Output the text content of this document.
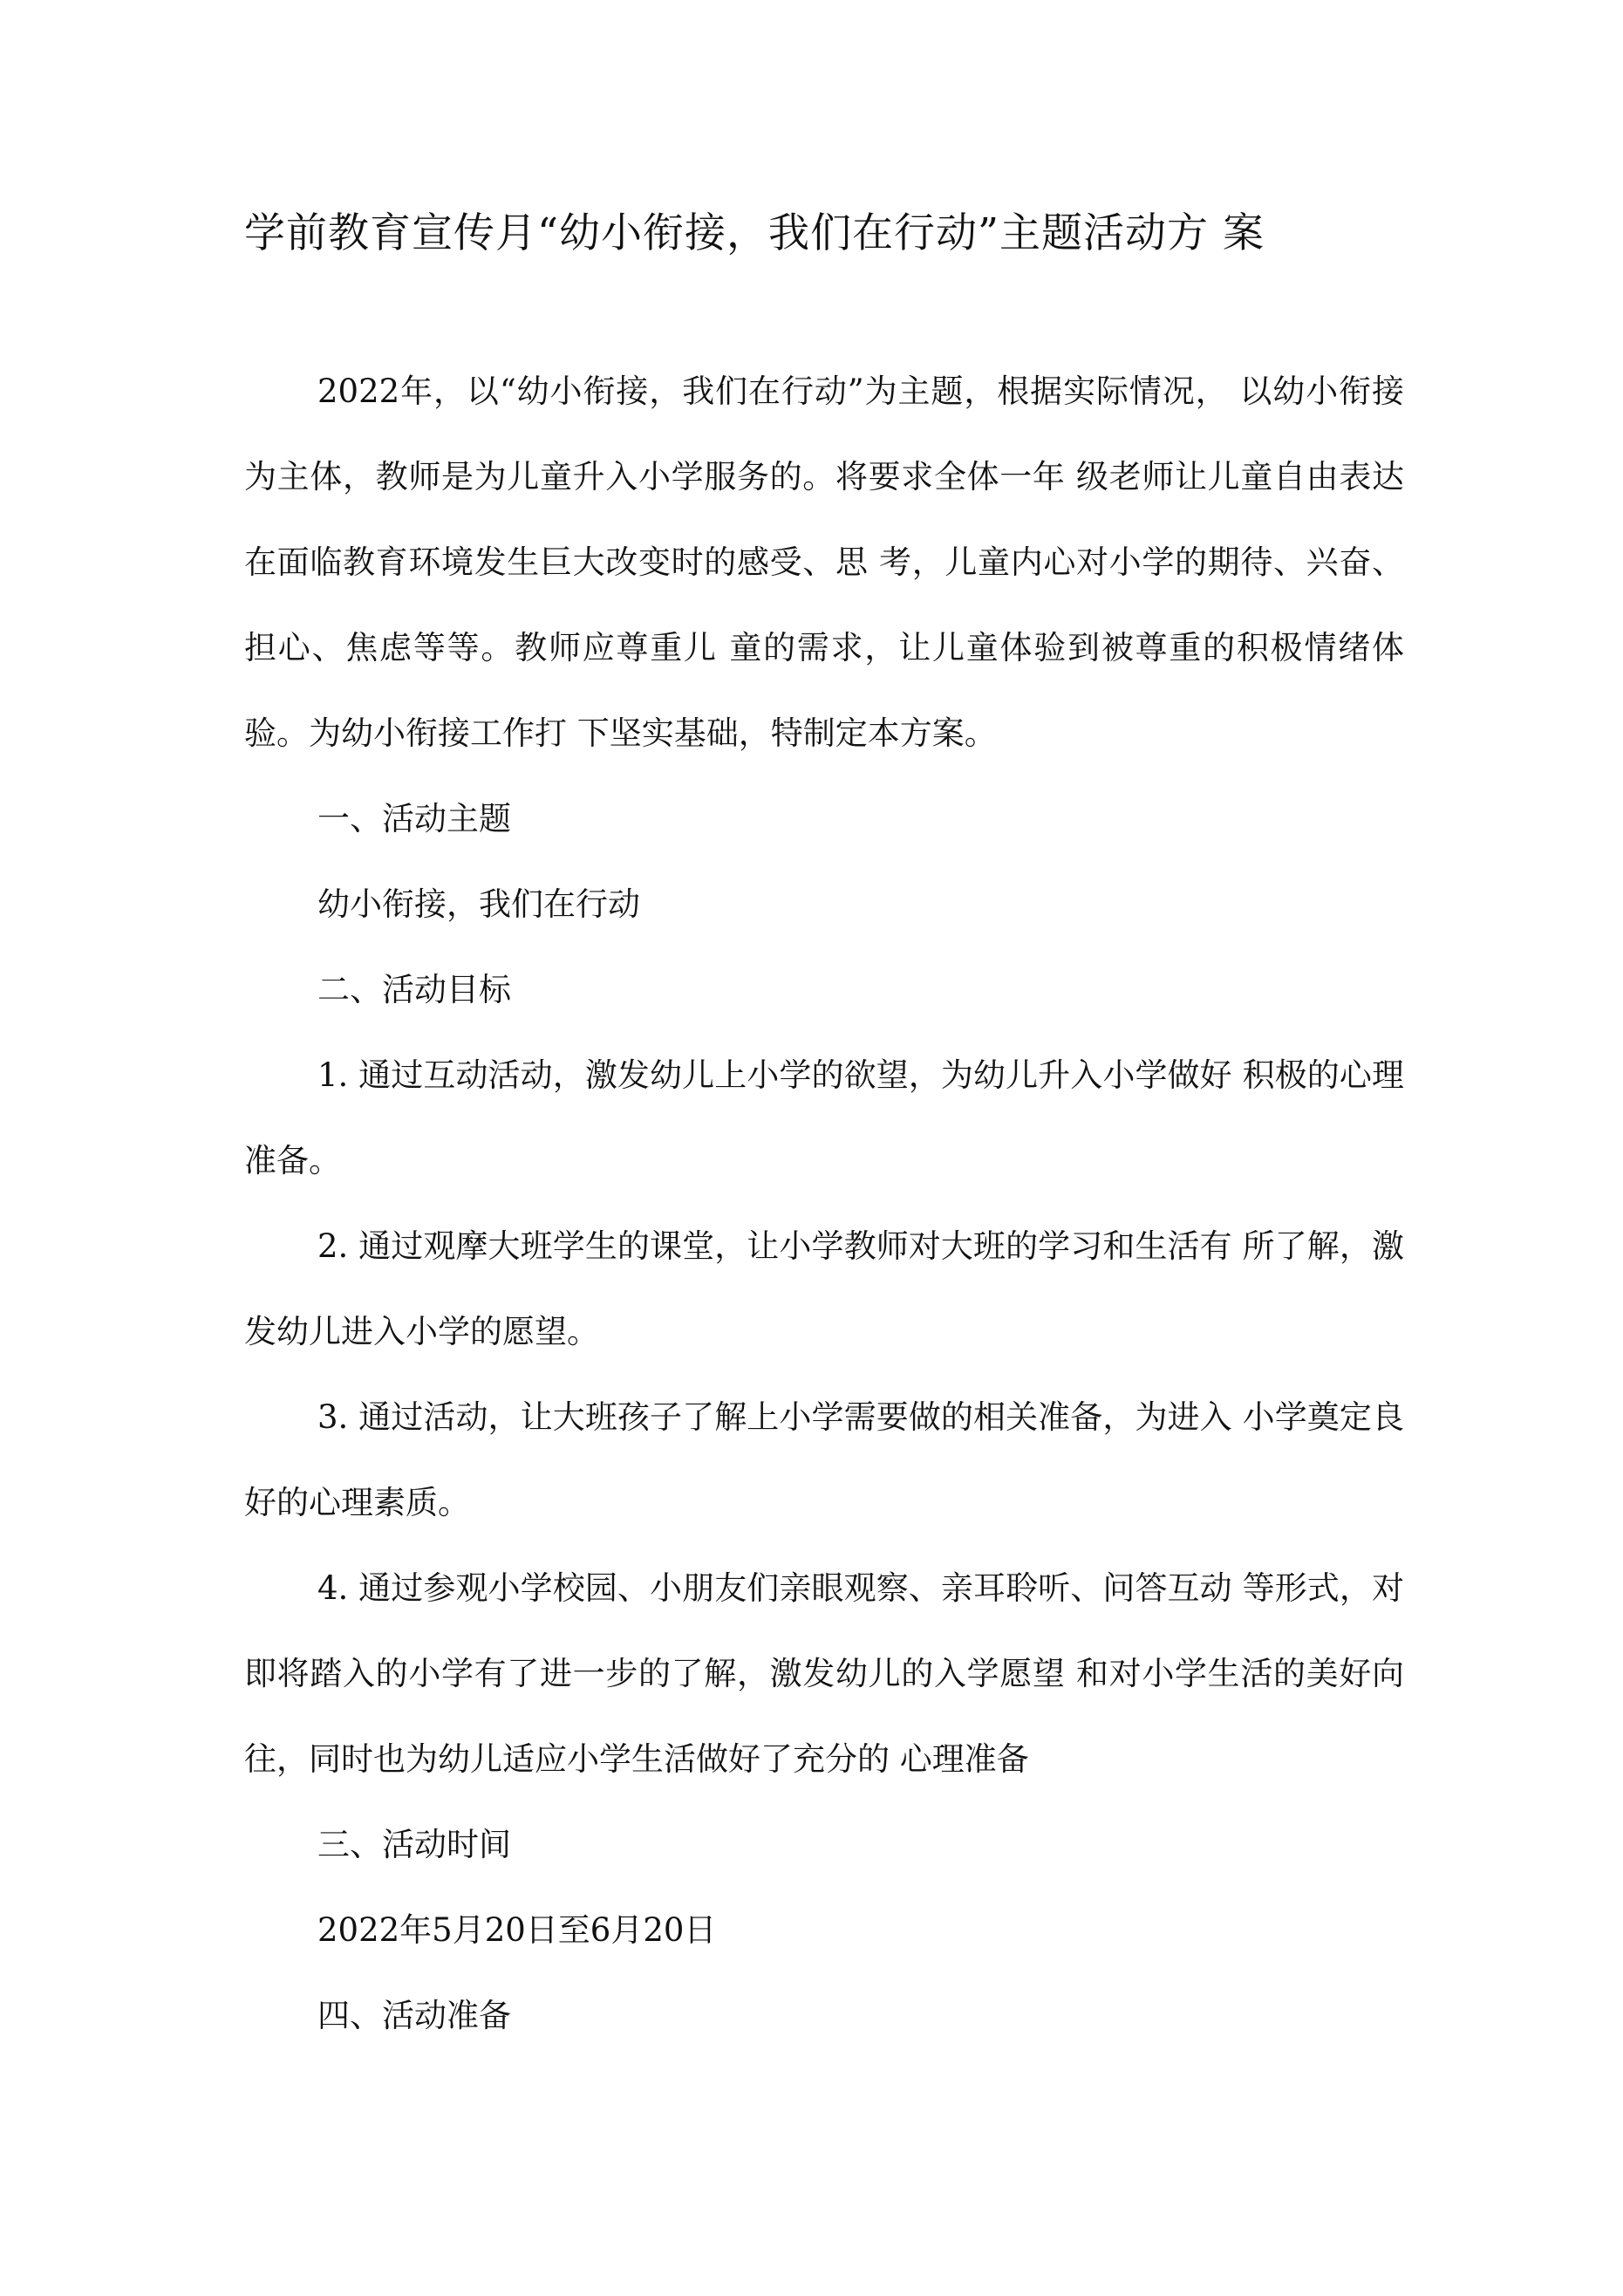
学前教育宣传月“幼小衔接，我们在行动”主题活动方 案

2022年，以“幼小衔接，我们在行动”为主题，根据实际情况， 以幼小衔接为主体，教师是为儿童升入小学服务的。将要求全体一年 级老师让儿童自由表达在面临教育环境发生巨大改变时的感受、思 考，儿童内心对小学的期待、兴奋、担心、焦虑等等。教师应尊重儿 童的需求，让儿童体验到被尊重的积极情绪体验。为幼小衔接工作打 下坚实基础，特制定本方案。

一、活动主题

幼小衔接，我们在行动

二、活动目标

1. 通过互动活动，激发幼儿上小学的欲望，为幼儿升入小学做好 积极的心理准备。

2. 通过观摩大班学生的课堂，让小学教师对大班的学习和生活有 所了解，激发幼儿进入小学的愿望。

3. 通过活动，让大班孩子了解上小学需要做的相关准备，为进入 小学奠定良好的心理素质。

4. 通过参观小学校园、小朋友们亲眼观察、亲耳聆听、问答互动 等形式，对即将踏入的小学有了进一步的了解，激发幼儿的入学愿望 和对小学生活的美好向往，同时也为幼儿适应小学生活做好了充分的 心理准备

三、活动时间

2022年5月20日至6月20日

四、活动准备
